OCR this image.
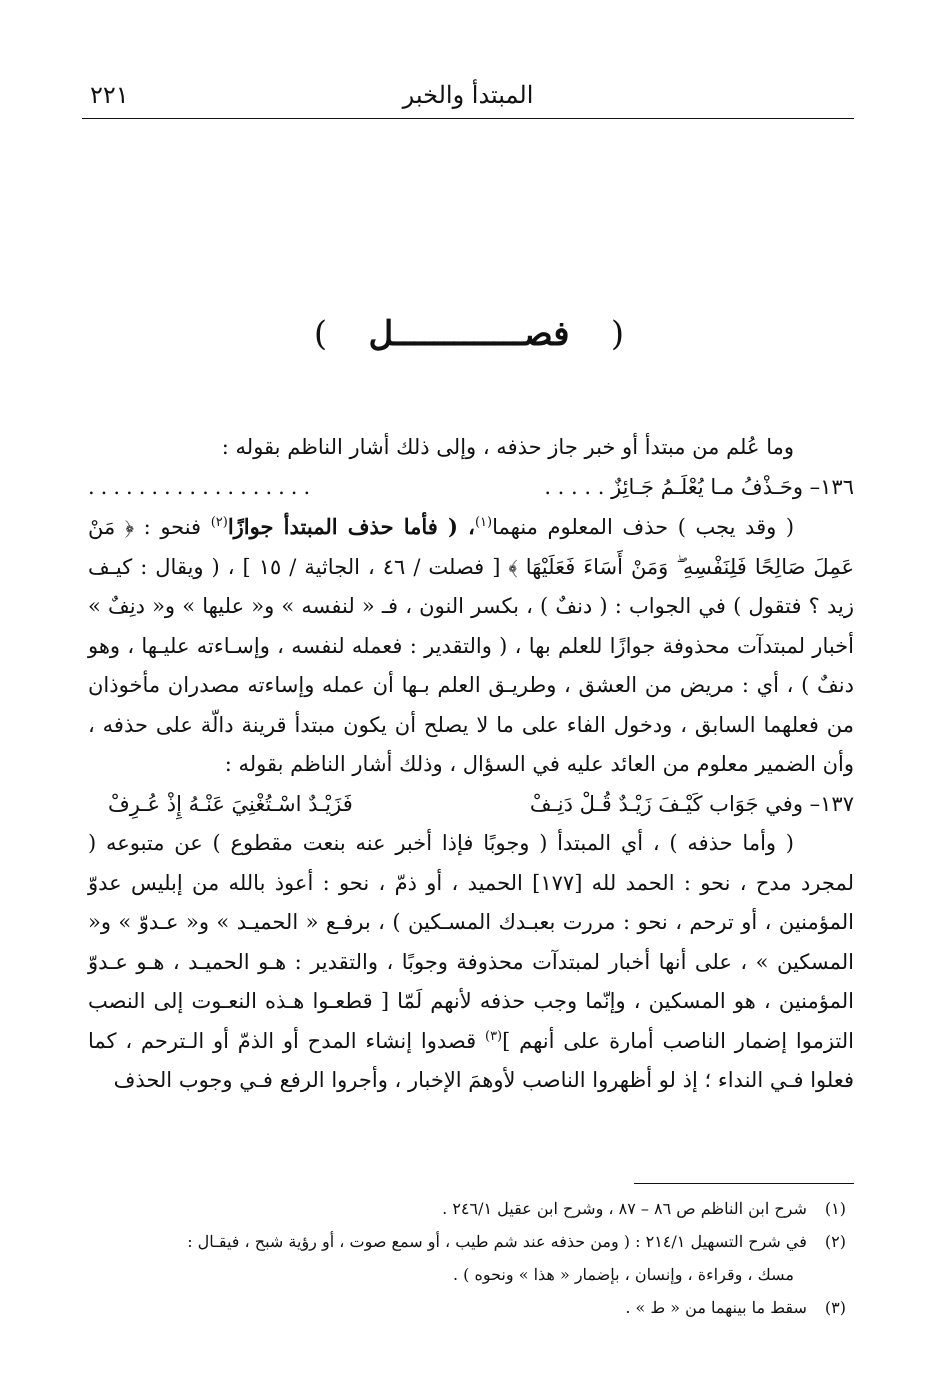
المبتدأ والخبر
٢٢١
( فصـــــــــــــل )

وما عُلم من مبتدأ أو خبر جاز حذفه ، وإلى ذلك أشار الناظم بقوله :

١٣٦– وحَـذْفُ مـا يُعْلَـمُ جَـائِزٌ . . . . .
..................

( وقد يجب ) حذف المعلوم منهما$^{(١)}$، ( فأما حذف المبتدأ جوازًا$^{(٢)}$ فنحو : ﴿ مَنْ عَمِلَ صَالِحًا فَلِنَفْسِهِ ۖ وَمَنْ أَسَاءَ فَعَلَيْهَا ﴾ [ فصلت / ٤٦ ، الجاثية / ١٥ ] ، ( ويقال : كيـف زيد ؟ فتقول ) في الجواب : ( دنفٌ ) ، بكسر النون ، فـ « لنفسه » و« عليها » و« دنِفٌ » أخبار لمبتدآت محذوفة جوازًا للعلم بها ، ( والتقدير : فعمله لنفسه ، وإسـاءته عليـها ، وهو دنفٌ ) ، أي : مريض من العشق ، وطريـق العلم بـها أن عمله وإساءته مصدران مأخوذان من فعلهما السابق ، ودخول الفاء على ما لا يصلح أن يكون مبتدأ قرينة دالّة على حذفه ، وأن الضمير معلوم من العائد عليه في السؤال ، وذلك أشار الناظم بقوله :

١٣٧– وفي جَوَاب كَيْـفَ زَيْـدٌ قُـلْ دَنِـفْ
فَزَيْـدٌ اسْـتُغْنِيَ عَنْـهُ إِذْ عُـرِفْ

( وأما حذفه ) ، أي المبتدأ ( وجوبًا فإذا أخبر عنه بنعت مقطوع ) عن متبوعه ( لمجرد مدح ، نحو : الحمد لله [١٧٧] الحميد ، أو ذمّ ، نحو : أعوذ بالله من إبليس عدوّ المؤمنين ، أو ترحم ، نحو : مررت بعبـدك المسـكين ) ، برفـع « الحميـد » و« عـدوّ » و« المسكين » ، على أنها أخبار لمبتدآت محذوفة وجوبًا ، والتقدير : هـو الحميـد ، هـو عـدوّ المؤمنين ، هو المسكين ، وإنّما وجب حذفه لأنهم لَمّا [ قطعـوا هـذه النعـوت إلى النصب التزموا إضمار الناصب أمارة على أنهم ]$^{(٣)}$ قصدوا إنشاء المدح أو الذمّ أو الـترحم ، كما فعلوا فـي النداء ؛ إذ لو أظهروا الناصب لأوهمَ الإخبار ، وأجروا الرفع فـي وجوب الحذف

(١)
شرح ابن الناظم ص ٨٦ – ٨٧ ، وشرح ابن عقيل ٢٤٦/١ .
(٢)
في شرح التسهيل ٢١٤/١ : ( ومن حذفه عند شم طيب ، أو سمع صوت ، أو رؤية شبح ، فيقـال :
مسك ، وقراءة ، وإنسان ، بإضمار « هذا » ونحوه ) .
(٣)
سقط ما بينهما من « ط » .
